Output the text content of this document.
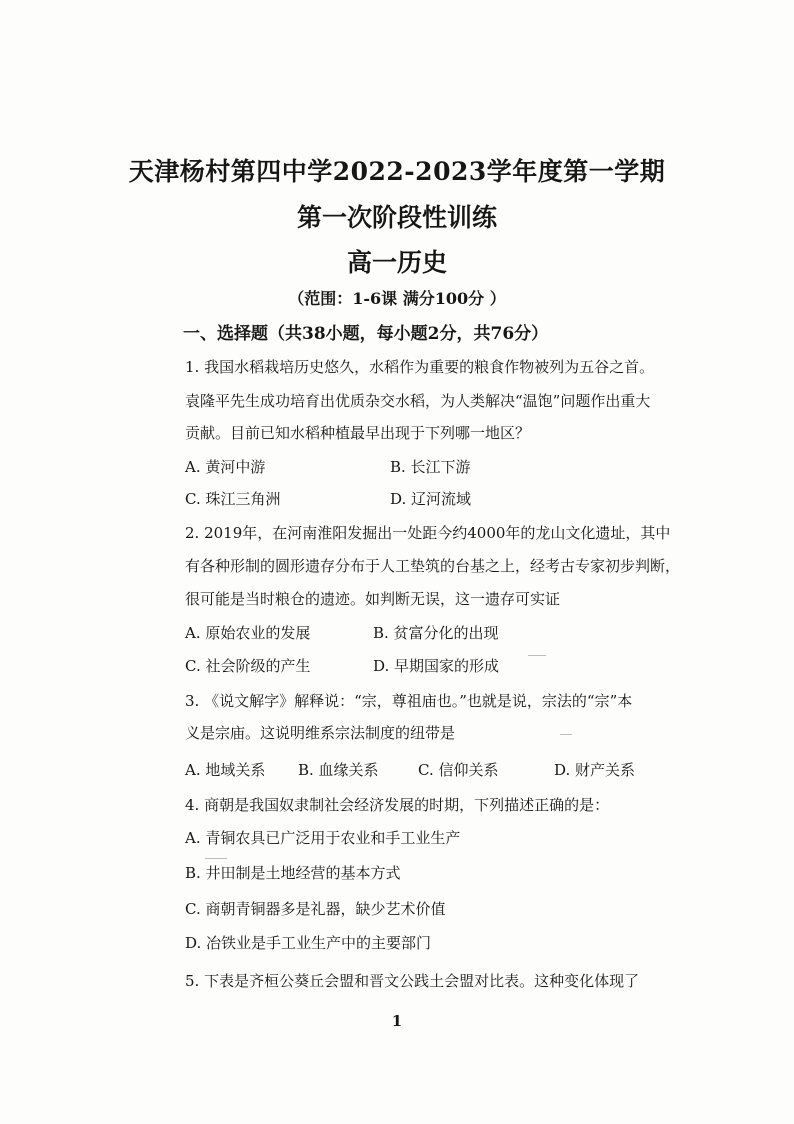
天津杨村第四中学2022-2023学年度第一学期
第一次阶段性训练
高一历史
（范围：1-6课 满分100分 ）
一、选择题（共38小题，每小题2分，共76分）
1. 我国水稻栽培历史悠久，水稻作为重要的粮食作物被列为五谷之首。
袁隆平先生成功培育出优质杂交水稻，为人类解决“温饱”问题作出重大
贡献。目前已知水稻种植最早出现于下列哪一地区？
A. 黄河中游	B. 长江下游
C. 珠江三角洲	D. 辽河流域
2. 2019年，在河南淮阳发掘出一处距今约4000年的龙山文化遗址，其中
有各种形制的圆形遗存分布于人工垫筑的台基之上，经考古专家初步判断，
很可能是当时粮仓的遗迹。如判断无误，这一遗存可实证
A. 原始农业的发展	B. 贫富分化的出现
C. 社会阶级的产生	D. 早期国家的形成
3. 《说文解字》解释说：“宗，尊祖庙也。”也就是说，宗法的“宗”本
义是宗庙。这说明维系宗法制度的纽带是
A. 地域关系 B. 血缘关系	C. 信仰关系	D. 财产关系
4. 商朝是我国奴隶制社会经济发展的时期，下列描述正确的是：
A. 青铜农具已广泛用于农业和手工业生产
B. 井田制是土地经营的基本方式
C. 商朝青铜器多是礼器，缺少艺术价值
D. 冶铁业是手工业生产中的主要部门
5. 下表是齐桓公葵丘会盟和晋文公践土会盟对比表。这种变化体现了
1
